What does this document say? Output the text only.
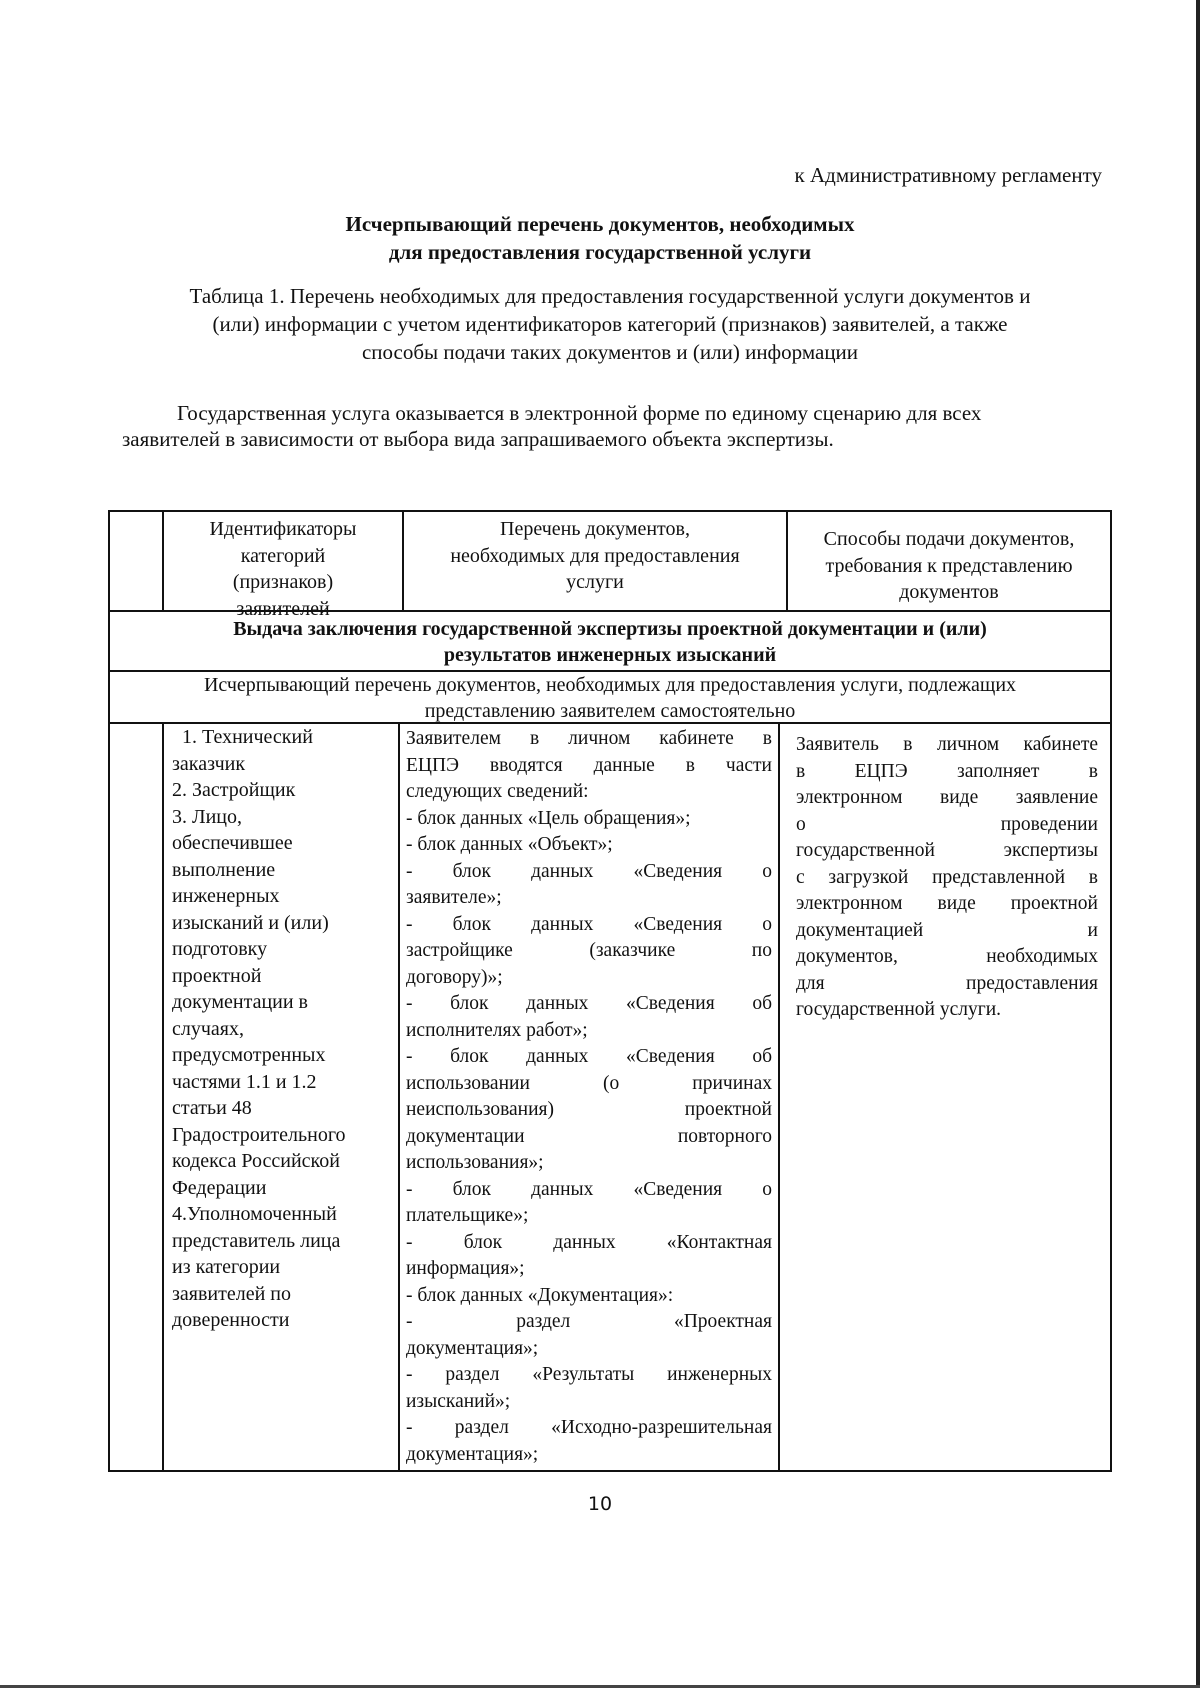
к Административному регламенту
Исчерпывающий перечень документов, необходимых
для предоставления государственной услуги
Таблица 1. Перечень необходимых для предоставления государственной услуги документов и
(или) информации с учетом идентификаторов категорий (признаков) заявителей, а также
способы подачи таких документов и (или) информации
Государственная услуга оказывается в электронной форме по единому сценарию для всех
заявителей в зависимости от выбора вида запрашиваемого объекта экспертизы.
Идентификаторы
категорий
(признаков)
заявителей
Перечень документов,
необходимых для предоставления
услуги
Способы подачи документов,
требования к представлению
документов
Выдача заключения государственной экспертизы проектной документации и (или)
результатов инженерных изысканий
Исчерпывающий перечень документов, необходимых для предоставления услуги, подлежащих
представлению заявителем самостоятельно
1. Технический
заказчик
2. Застройщик
3. Лицо,
обеспечившее
выполнение
инженерных
изысканий и (или)
подготовку
проектной
документации в
случаях,
предусмотренных
частями 1.1 и 1.2
статьи 48
Градостроительного
кодекса Российской
Федерации
4.Уполномоченный
представитель лица
из категории
заявителей по
доверенности
Заявителем в личном кабинете в
ЕЦПЭ вводятся данные в части
следующих сведений:
- блок данных «Цель обращения»;
- блок данных «Объект»;
- блок данных «Сведения о
заявителе»;
- блок данных «Сведения о
застройщике (заказчике по
договору)»;
- блок данных «Сведения об
исполнителях работ»;
- блок данных «Сведения об
использовании (о причинах
неиспользования) проектной
документации повторного
использования»;
- блок данных «Сведения о
плательщике»;
- блок данных «Контактная
информация»;
- блок данных «Документация»:
- раздел «Проектная
документация»;
- раздел «Результаты инженерных
изысканий»;
- раздел «Исходно-разрешительная
документация»;
Заявитель в личном кабинете
в ЕЦПЭ заполняет в
электронном виде заявление
о проведении
государственной экспертизы
с загрузкой представленной в
электронном виде проектной
документацией и
документов, необходимых
для предоставления
государственной услуги.
10
